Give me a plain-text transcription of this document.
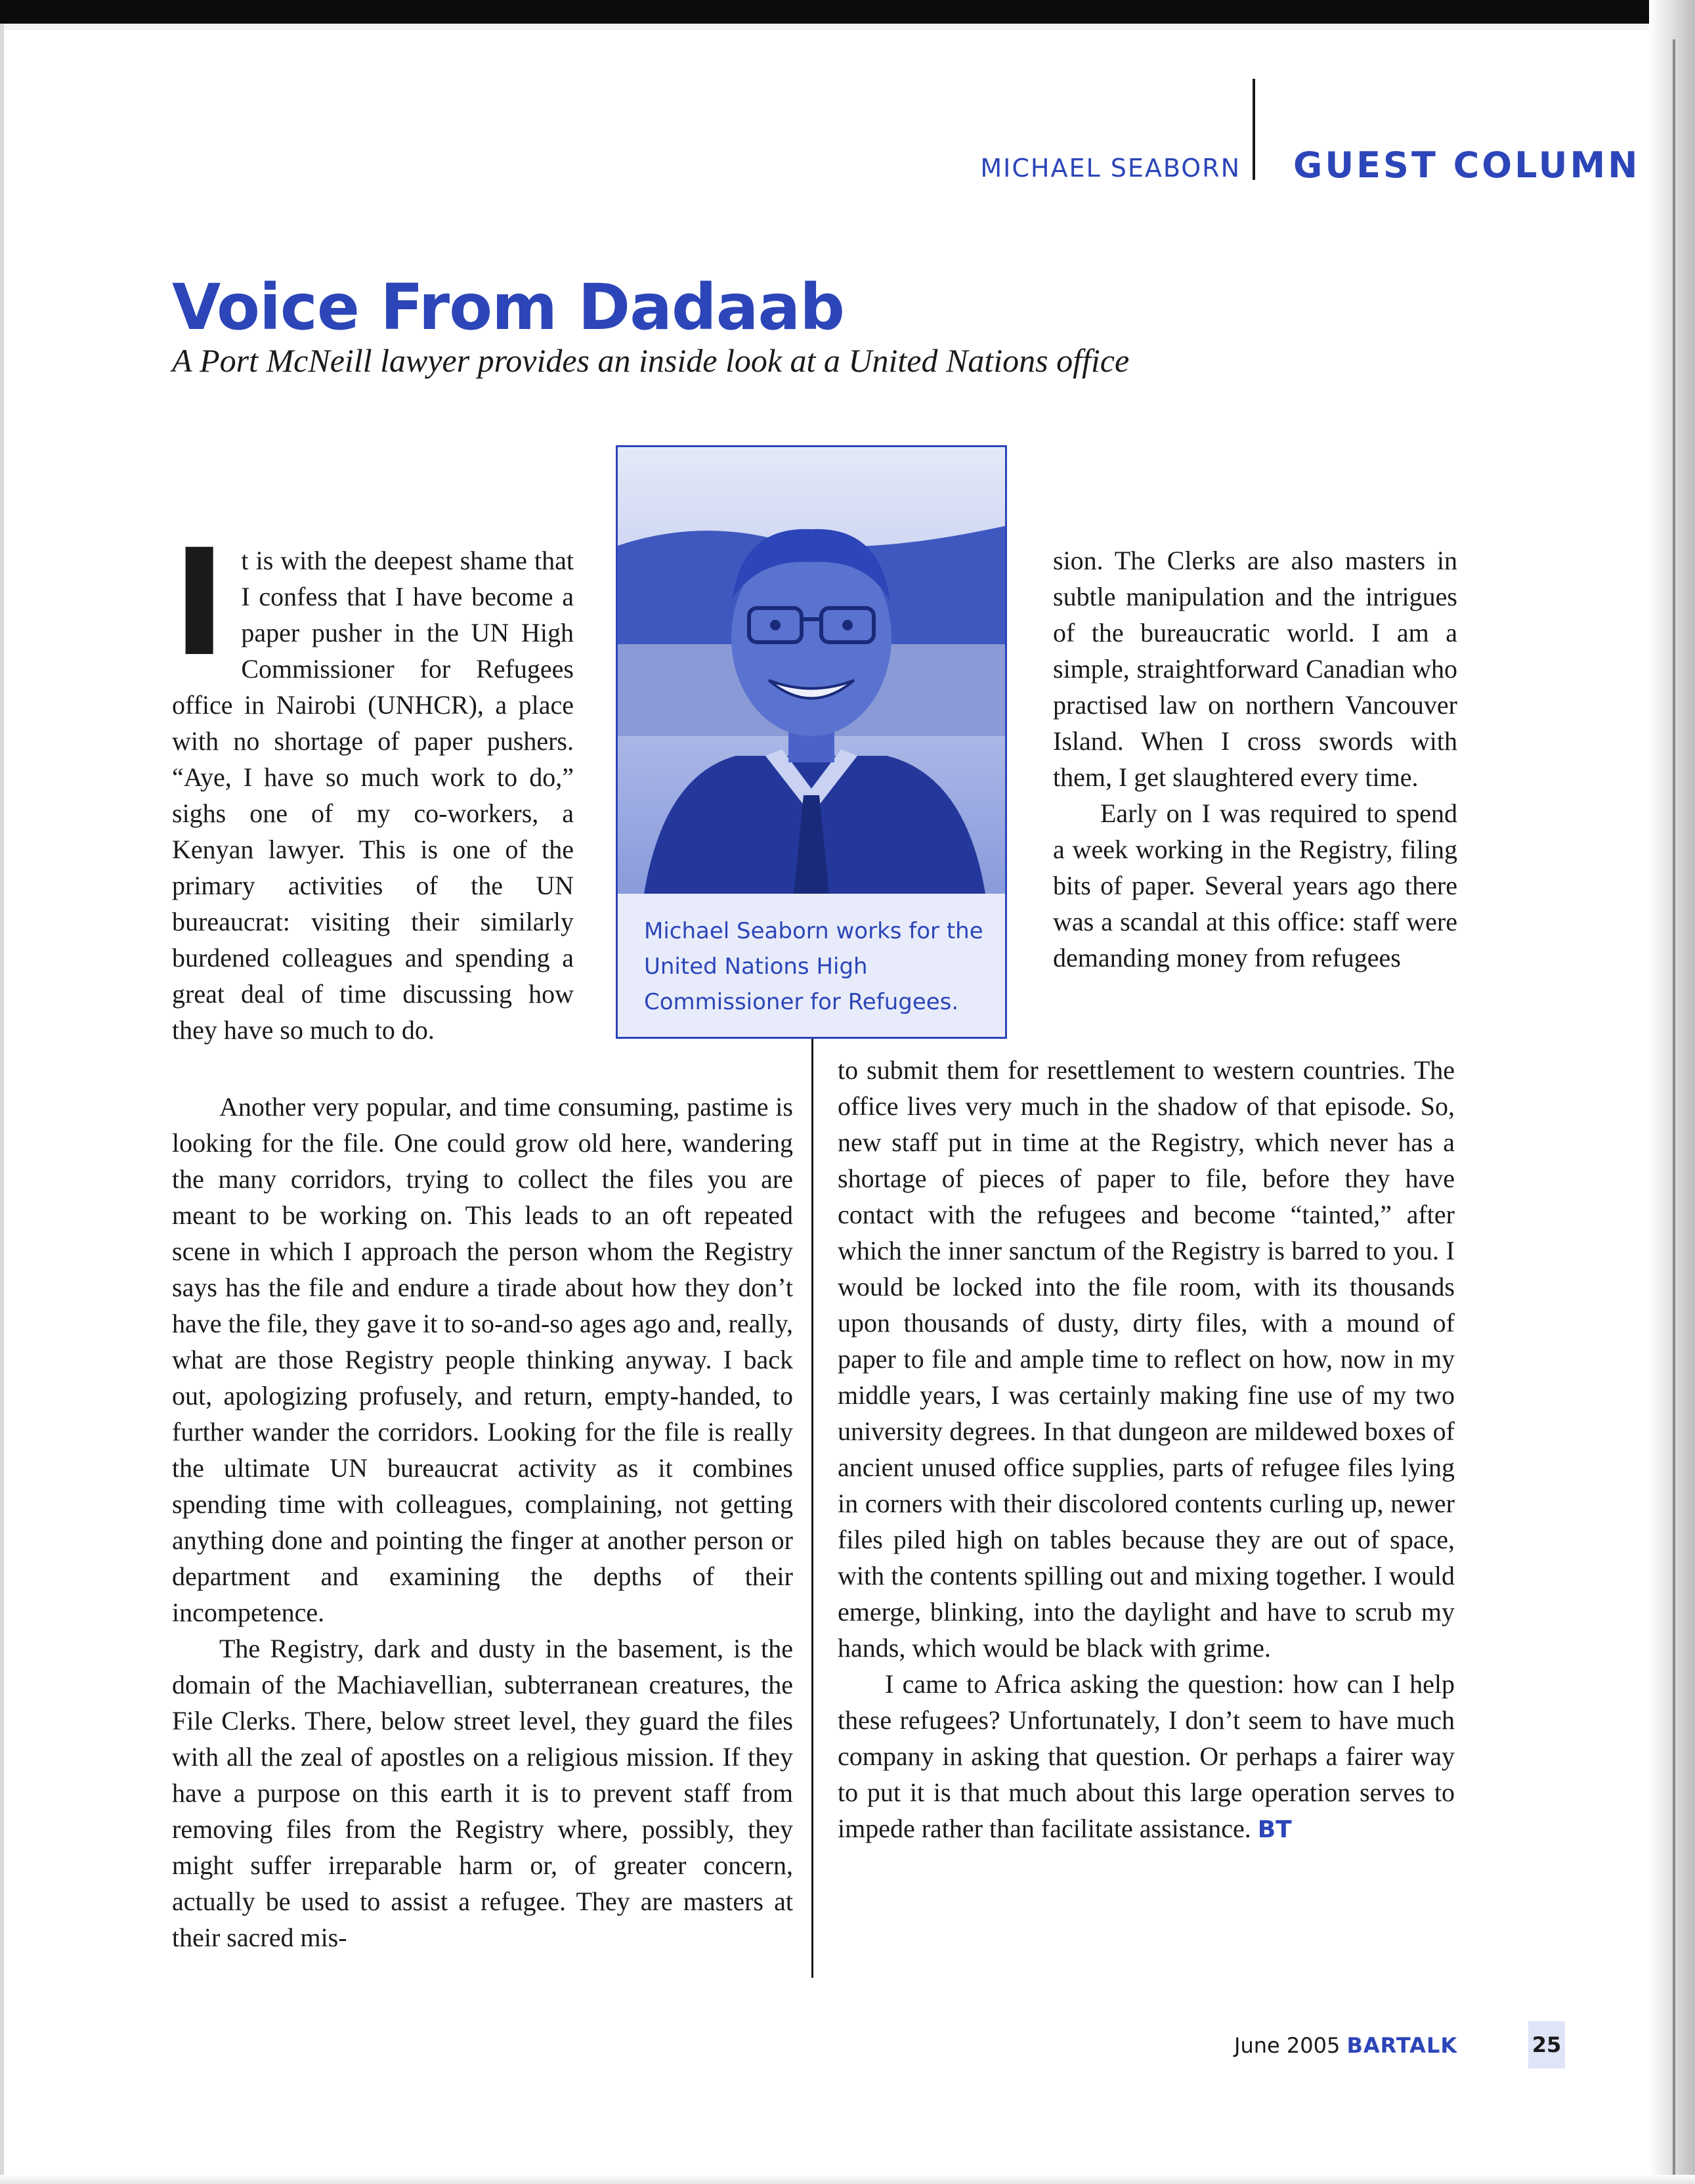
MICHAEL SEABORN GUEST COLUMN
Voice From Dadaab
A Port McNeill lawyer provides an inside look at a United Nations office
Michael Seaborn works for the United Nations High Commissioner for Refugees.

It is with the deepest shame that I confess that I have become a paper pusher in the UN High Commissioner for Refugees office in Nairobi (UNHCR), a place with no shortage of paper pushers. “Aye, I have so much work to do,” sighs one of my co-workers, a Kenyan lawyer. This is one of the primary activities of the UN bureaucrat: visiting their similarly burdened colleagues and spending a great deal of time discussing how they have so much to do.

Another very popular, and time consuming, pastime is looking for the file. One could grow old here, wandering the many corridors, trying to collect the files you are meant to be working on. This leads to an oft repeated scene in which I approach the person whom the Registry says has the file and endure a tirade about how they don’t have the file, they gave it to so-and-so ages ago and, really, what are those Registry people thinking anyway. I back out, apologizing profusely, and return, empty-handed, to further wander the corridors. Looking for the file is really the ultimate UN bureaucrat activity as it combines spending time with colleagues, complaining, not getting anything done and pointing the finger at another person or department and examining the depths of their incompetence.

The Registry, dark and dusty in the basement, is the domain of the Machiavellian, subterranean creatures, the File Clerks. There, below street level, they guard the files with all the zeal of apostles on a religious mission. If they have a purpose on this earth it is to prevent staff from removing files from the Registry where, possibly, they might suffer irreparable harm or, of greater concern, actually be used to assist a refugee. They are masters at their sacred mis-

sion. The Clerks are also masters in subtle manipulation and the intrigues of the bureaucratic world. I am a simple, straightforward Canadian who practised law on northern Vancouver Island. When I cross swords with them, I get slaughtered every time.

Early on I was required to spend a week working in the Registry, filing bits of paper. Several years ago there was a scandal at this office: staff were demanding money from refugees

to submit them for resettlement to western countries. The office lives very much in the shadow of that episode. So, new staff put in time at the Registry, which never has a shortage of pieces of paper to file, before they have contact with the refugees and become “tainted,” after which the inner sanctum of the Registry is barred to you. I would be locked into the file room, with its thousands upon thousands of dusty, dirty files, with a mound of paper to file and ample time to reflect on how, now in my middle years, I was certainly making fine use of my two university degrees. In that dungeon are mildewed boxes of ancient unused office supplies, parts of refugee files lying in corners with their discolored contents curling up, newer files piled high on tables because they are out of space, with the contents spilling out and mixing together. I would emerge, blinking, into the daylight and have to scrub my hands, which would be black with grime.

I came to Africa asking the question: how can I help these refugees? Unfortunately, I don’t seem to have much company in asking that question. Or perhaps a fairer way to put it is that much about this large operation serves to impede rather than facilitate assistance. BT

June 2005 BARTALK	25
